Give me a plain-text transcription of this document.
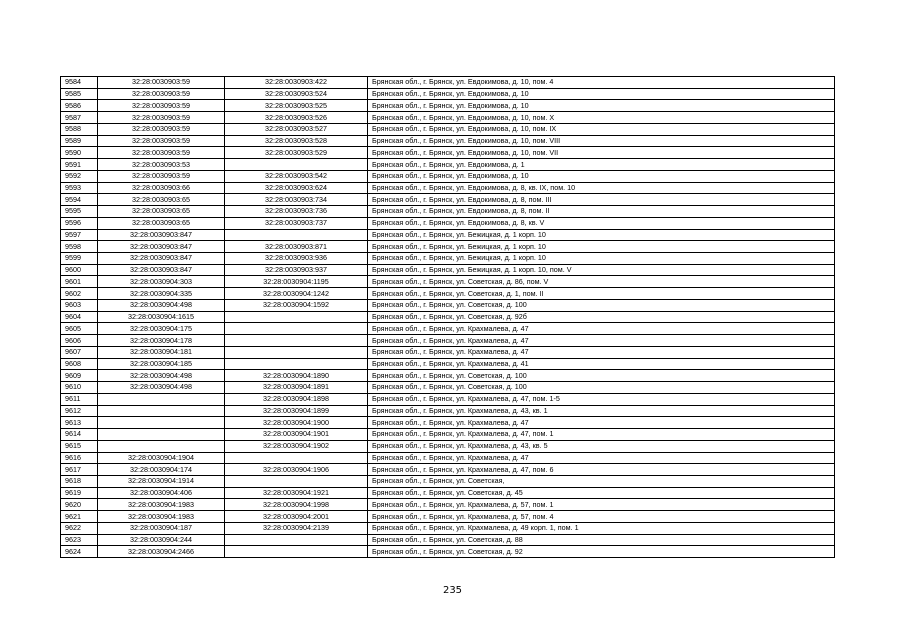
9584	32:28:0030903:59	32:28:0030903:422	Брянская обл., г. Брянск, ул. Евдокимова, д. 10, пом. 4
9585	32:28:0030903:59	32:28:0030903:524	Брянская обл., г. Брянск, ул. Евдокимова, д. 10
9586	32:28:0030903:59	32:28:0030903:525	Брянская обл., г. Брянск, ул. Евдокимова, д. 10
9587	32:28:0030903:59	32:28:0030903:526	Брянская обл., г. Брянск, ул. Евдокимова, д. 10, пом. X
9588	32:28:0030903:59	32:28:0030903:527	Брянская обл., г. Брянск, ул. Евдокимова, д. 10, пом. IX
9589	32:28:0030903:59	32:28:0030903:528	Брянская обл., г. Брянск, ул. Евдокимова, д. 10, пом. VIII
9590	32:28:0030903:59	32:28:0030903:529	Брянская обл., г. Брянск, ул. Евдокимова, д. 10, пом. VII
9591	32:28:0030903:53		Брянская обл., г. Брянск, ул. Евдокимова, д. 1
9592	32:28:0030903:59	32:28:0030903:542	Брянская обл., г. Брянск, ул. Евдокимова, д. 10
9593	32:28:0030903:66	32:28:0030903:624	Брянская обл., г. Брянск, ул. Евдокимова, д. 8, кв. IX, пом. 10
9594	32:28:0030903:65	32:28:0030903:734	Брянская обл., г. Брянск, ул. Евдокимова, д. 8, пом. III
9595	32:28:0030903:65	32:28:0030903:736	Брянская обл., г. Брянск, ул. Евдокимова, д. 8, пом. II
9596	32:28:0030903:65	32:28:0030903:737	Брянская обл., г. Брянск, ул. Евдокимова, д. 8, кв. V
9597	32:28:0030903:847		Брянская обл., г. Брянск, ул. Бежицкая, д. 1 корп. 10
9598	32:28:0030903:847	32:28:0030903:871	Брянская обл., г. Брянск, ул. Бежицкая, д. 1 корп. 10
9599	32:28:0030903:847	32:28:0030903:936	Брянская обл., г. Брянск, ул. Бежицкая, д. 1 корп. 10
9600	32:28:0030903:847	32:28:0030903:937	Брянская обл., г. Брянск, ул. Бежицкая, д. 1 корп. 10, пом. V
9601	32:28:0030904:303	32:28:0030904:1195	Брянская обл., г. Брянск, ул. Советская, д. 86, пом. V
9602	32:28:0030904:335	32:28:0030904:1242	Брянская обл., г. Брянск, ул. Советская, д. 1, пом. II
9603	32:28:0030904:498	32:28:0030904:1592	Брянская обл., г. Брянск, ул. Советская, д. 100
9604	32:28:0030904:1615		Брянская обл., г. Брянск, ул. Советская, д. 92б
9605	32:28:0030904:175		Брянская обл., г. Брянск, ул. Крахмалева, д. 47
9606	32:28:0030904:178		Брянская обл., г. Брянск, ул. Крахмалева, д. 47
9607	32:28:0030904:181		Брянская обл., г. Брянск, ул. Крахмалева, д. 47
9608	32:28:0030904:185		Брянская обл., г. Брянск, ул. Крахмалева, д. 41
9609	32:28:0030904:498	32:28:0030904:1890	Брянская обл., г. Брянск, ул. Советская, д. 100
9610	32:28:0030904:498	32:28:0030904:1891	Брянская обл., г. Брянск, ул. Советская, д. 100
9611		32:28:0030904:1898	Брянская обл., г. Брянск, ул. Крахмалева, д. 47, пом. 1-5
9612		32:28:0030904:1899	Брянская обл., г. Брянск, ул. Крахмалева, д. 43, кв. 1
9613		32:28:0030904:1900	Брянская обл., г. Брянск, ул. Крахмалева, д. 47
9614		32:28:0030904:1901	Брянская обл., г. Брянск, ул. Крахмалева, д. 47, пом. 1
9615		32:28:0030904:1902	Брянская обл., г. Брянск, ул. Крахмалева, д. 43, кв. 5
9616	32:28:0030904:1904		Брянская обл., г. Брянск, ул. Крахмалева, д. 47
9617	32:28:0030904:174	32:28:0030904:1906	Брянская обл., г. Брянск, ул. Крахмалева, д. 47, пом. 6
9618	32:28:0030904:1914		Брянская обл., г. Брянск, ул. Советская,
9619	32:28:0030904:406	32:28:0030904:1921	Брянская обл., г. Брянск, ул. Советская, д. 45
9620	32:28:0030904:1983	32:28:0030904:1998	Брянская обл., г. Брянск, ул. Крахмалева, д. 57, пом. 1
9621	32:28:0030904:1983	32:28:0030904:2001	Брянская обл., г. Брянск, ул. Крахмалева, д. 57, пом. 4
9622	32:28:0030904:187	32:28:0030904:2139	Брянская обл., г. Брянск, ул. Крахмалева, д. 49 корп. 1, пом. 1
9623	32:28:0030904:244		Брянская обл., г. Брянск, ул. Советская, д. 88
9624	32:28:0030904:2466		Брянская обл., г. Брянск, ул. Советская, д. 92
235
